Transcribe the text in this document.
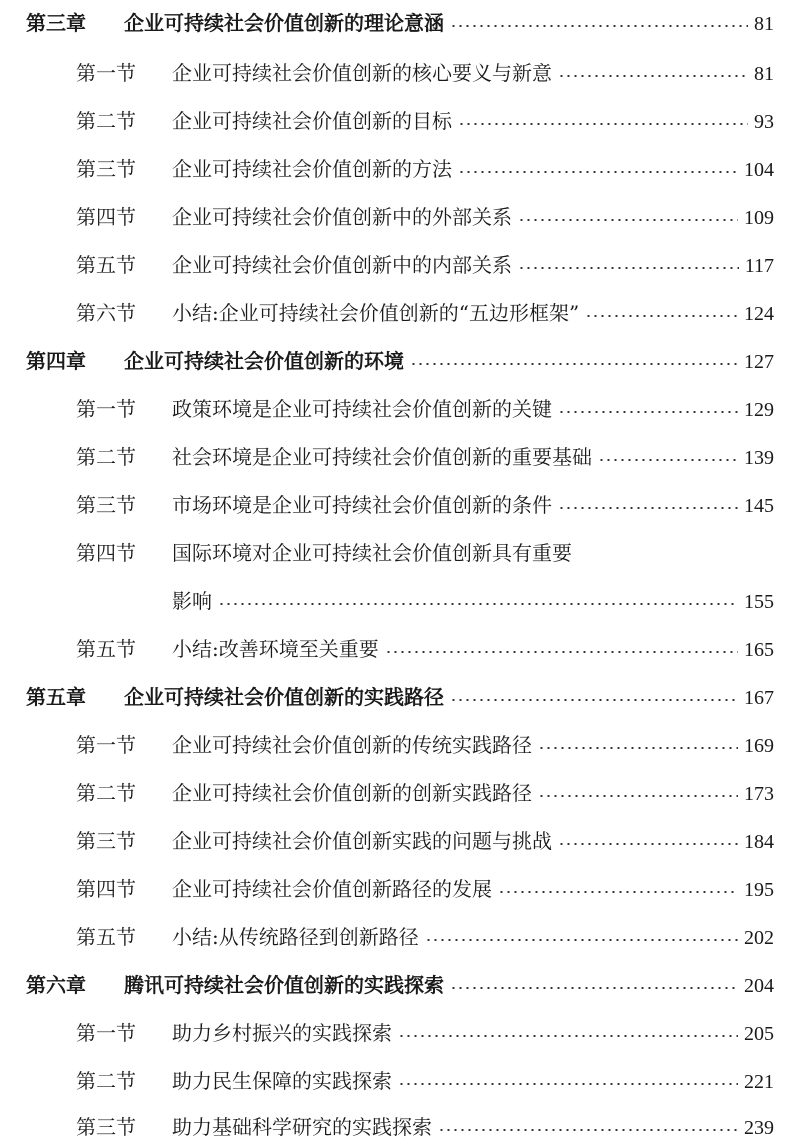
第三章	企业可持续社会价值创新的理论意涵	81
第一节	企业可持续社会价值创新的核心要义与新意	81
第二节	企业可持续社会价值创新的目标	93
第三节	企业可持续社会价值创新的方法	104
第四节	企业可持续社会价值创新中的外部关系	109
第五节	企业可持续社会价值创新中的内部关系	117
第六节	小结:企业可持续社会价值创新的“五边形框架”	124
第四章	企业可持续社会价值创新的环境	127
第一节	政策环境是企业可持续社会价值创新的关键	129
第二节	社会环境是企业可持续社会价值创新的重要基础	139
第三节	市场环境是企业可持续社会价值创新的条件	145
第四节	国际环境对企业可持续社会价值创新具有重要
影响	155
第五节	小结:改善环境至关重要	165
第五章	企业可持续社会价值创新的实践路径	167
第一节	企业可持续社会价值创新的传统实践路径	169
第二节	企业可持续社会价值创新的创新实践路径	173
第三节	企业可持续社会价值创新实践的问题与挑战	184
第四节	企业可持续社会价值创新路径的发展	195
第五节	小结:从传统路径到创新路径	202
第六章	腾讯可持续社会价值创新的实践探索	204
第一节	助力乡村振兴的实践探索	205
第二节	助力民生保障的实践探索	221
第三节	助力基础科学研究的实践探索	239
